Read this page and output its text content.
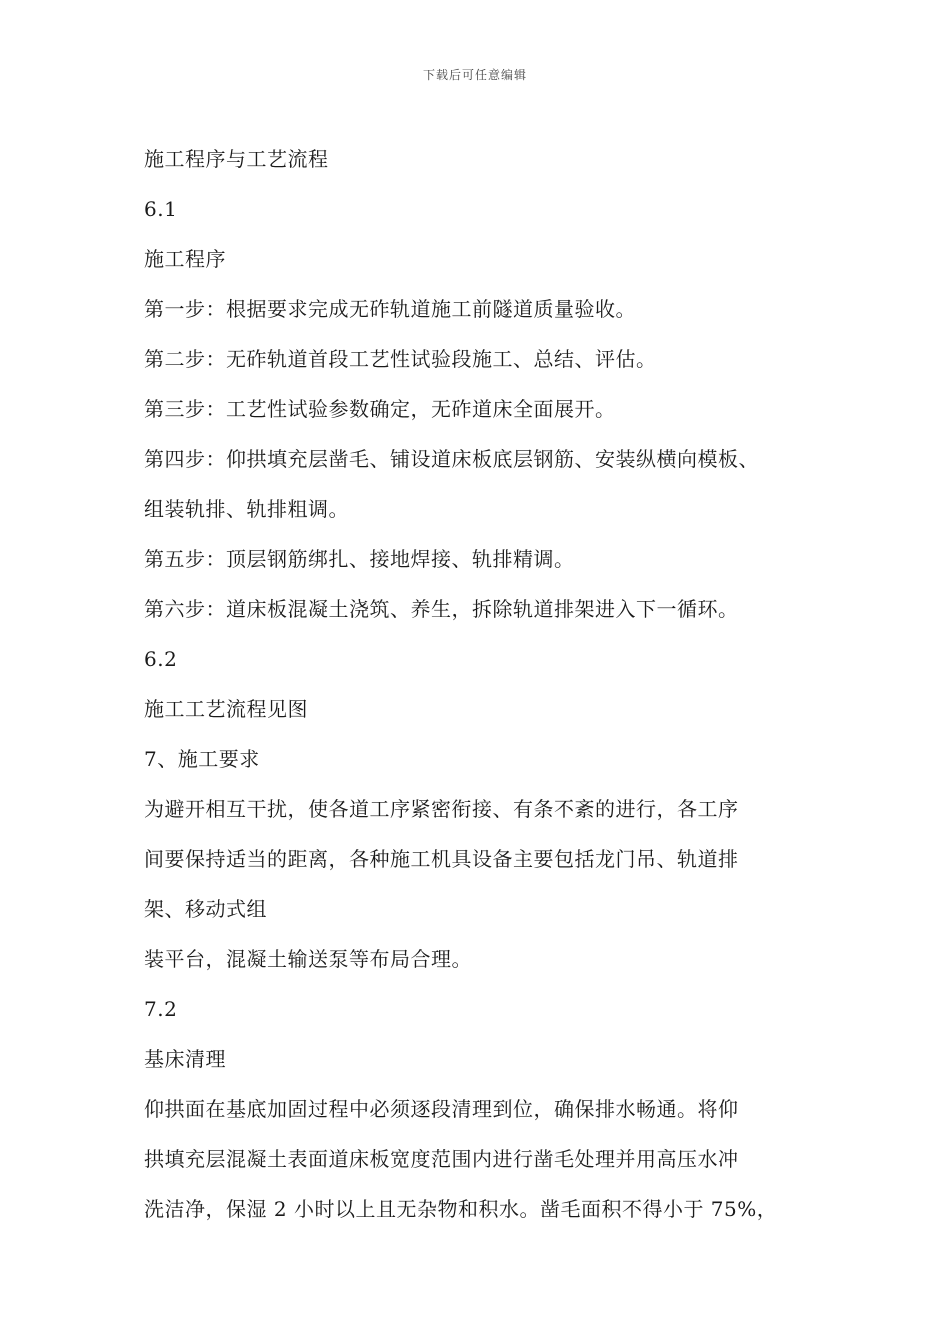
下载后可任意编辑
施工程序与工艺流程
6.1
施工程序
第一步：根据要求完成无砟轨道施工前隧道质量验收。
第二步：无砟轨道首段工艺性试验段施工、总结、评估。
第三步：工艺性试验参数确定，无砟道床全面展开。
第四步：仰拱填充层凿毛、铺设道床板底层钢筋、安装纵横向模板、
组装轨排、轨排粗调。
第五步：顶层钢筋绑扎、接地焊接、轨排精调。
第六步：道床板混凝土浇筑、养生，拆除轨道排架进入下一循环。
6.2
施工工艺流程见图
7、施工要求
为避开相互干扰，使各道工序紧密衔接、有条不紊的进行，各工序
间要保持适当的距离，各种施工机具设备主要包括龙门吊、轨道排
架、移动式组
装平台，混凝土输送泵等布局合理。
7.2
基床清理
仰拱面在基底加固过程中必须逐段清理到位，确保排水畅通。将仰
拱填充层混凝土表面道床板宽度范围内进行凿毛处理并用高压水冲
洗洁净，保湿 2 小时以上且无杂物和积水。凿毛面积不得小于 75%，
